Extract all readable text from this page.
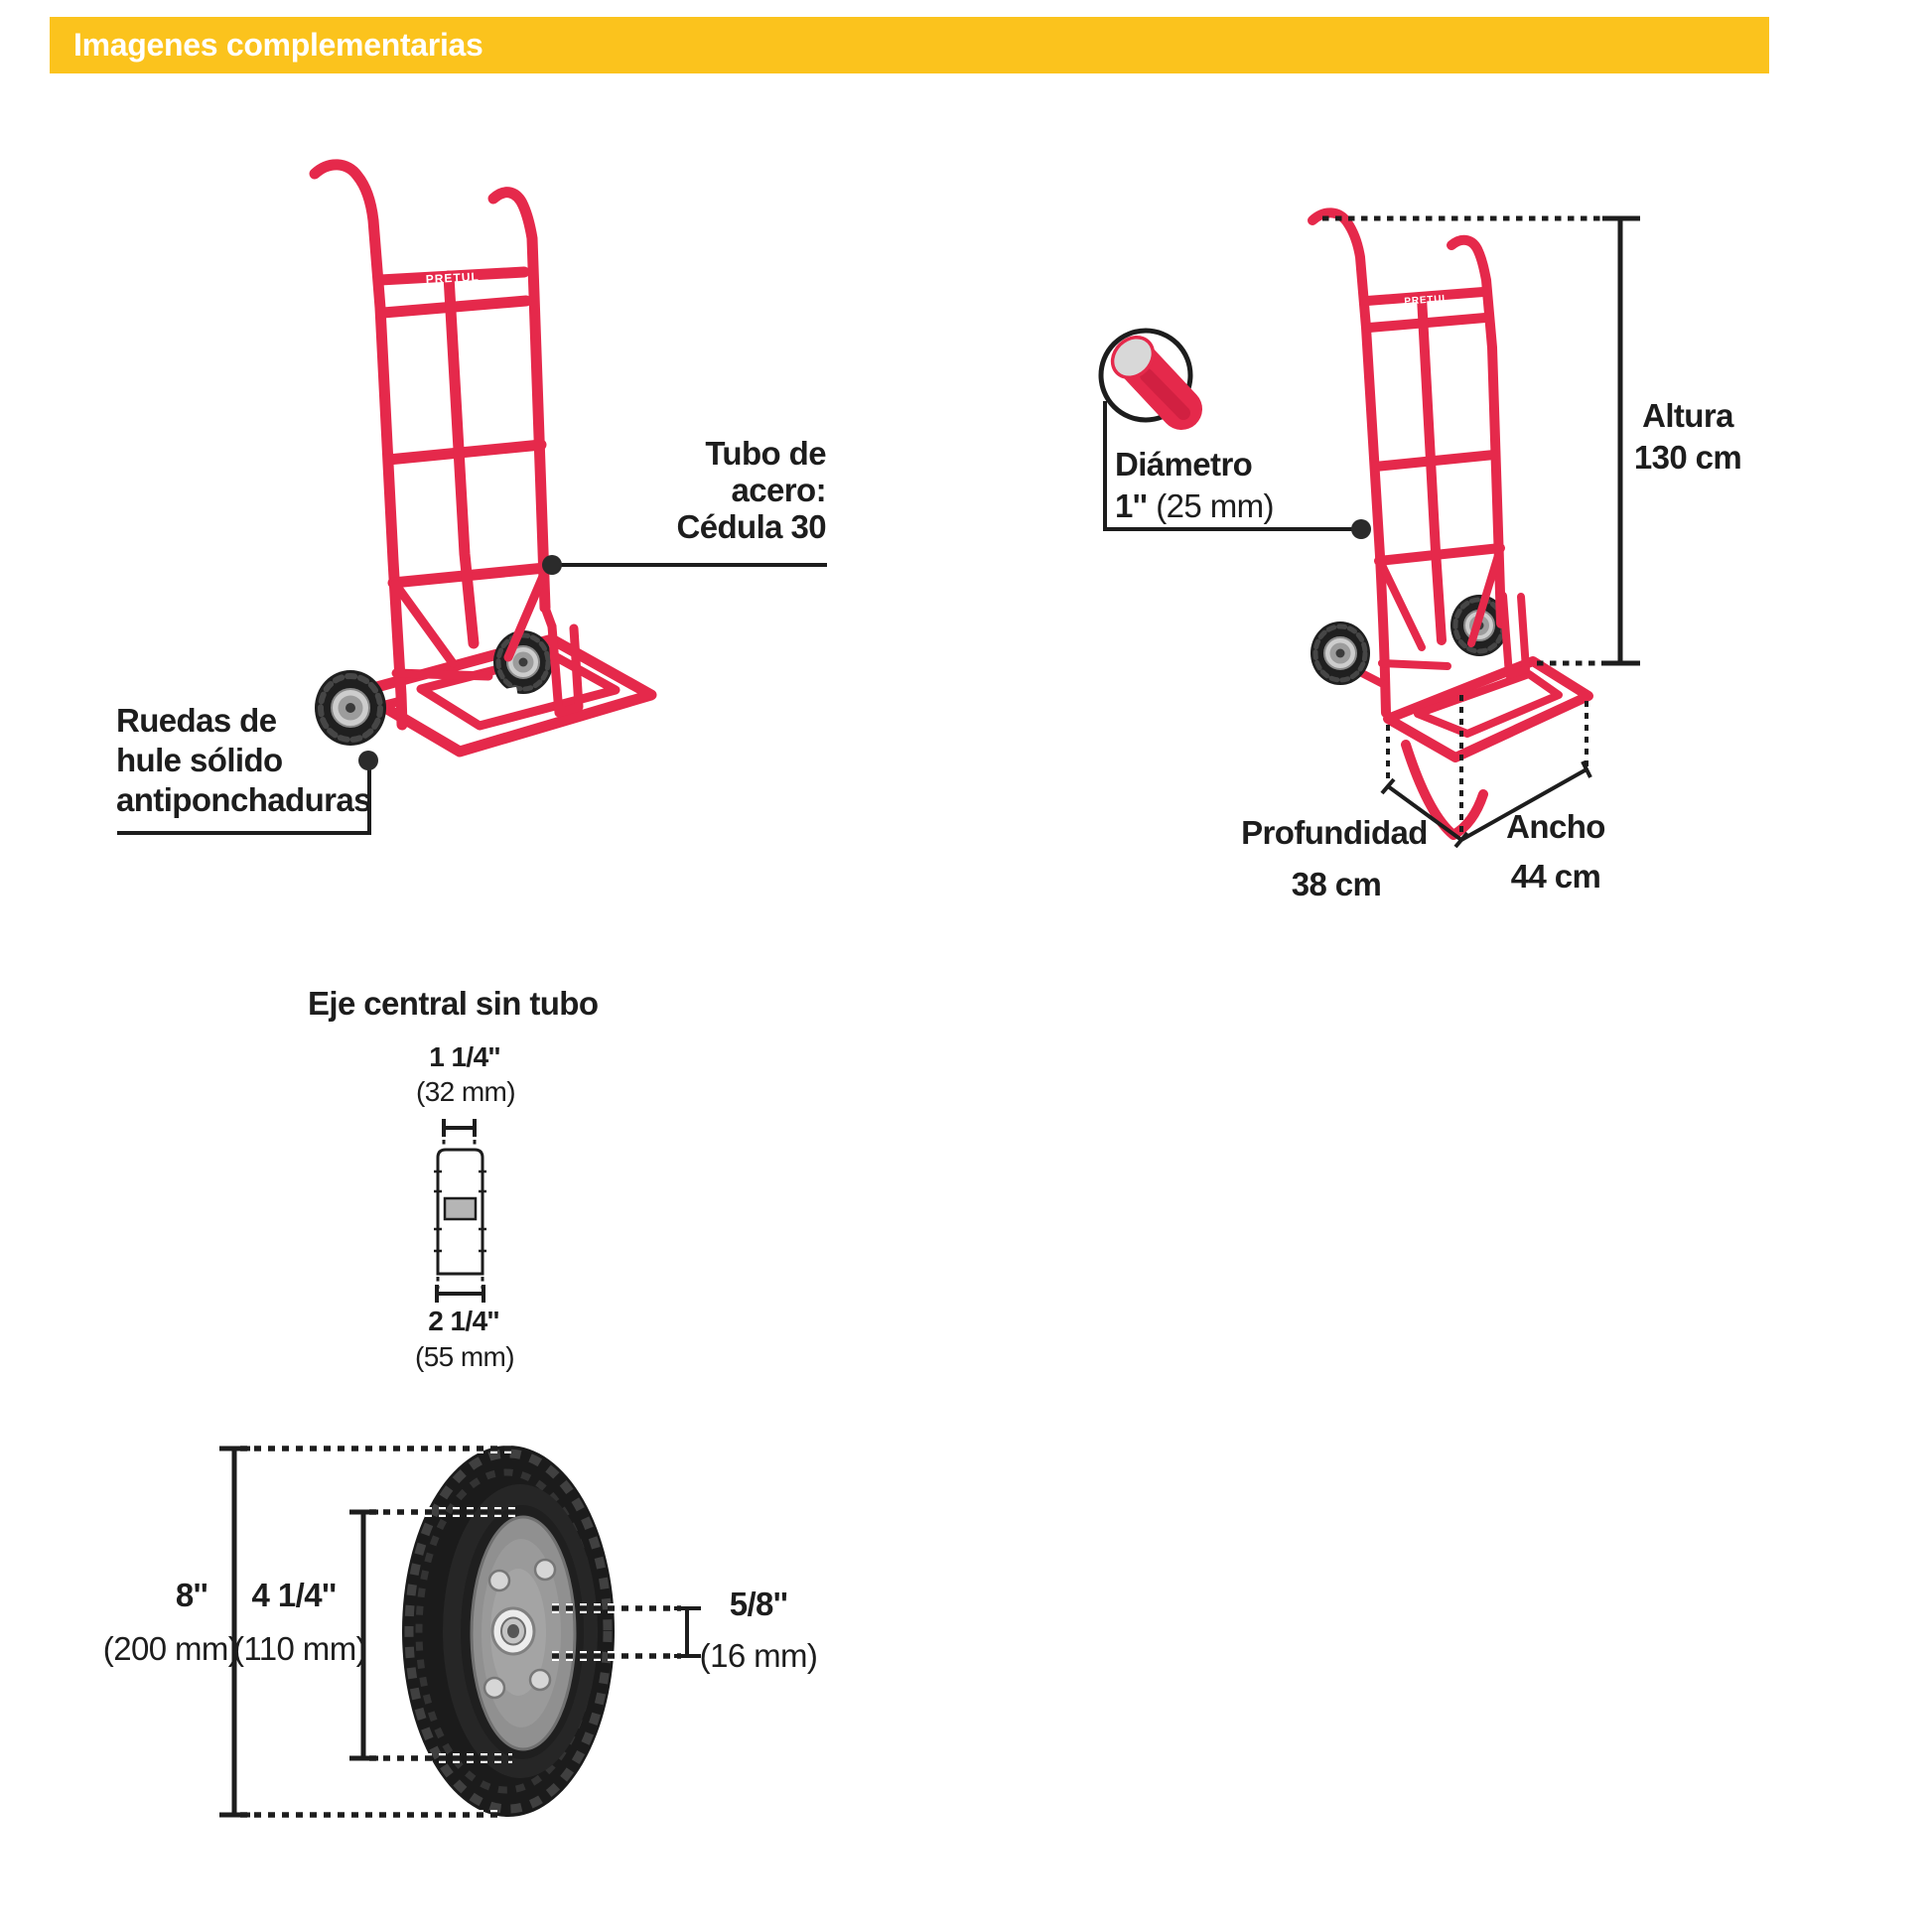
Imagenes complementarias
PRETUL
PRETUL
Tubo de
acero:
Cédula 30
Ruedas de
hule sólido
antiponchaduras
Diámetro
1'' (25 mm)
Altura
130 cm
Profundidad
38 cm
Ancho
44 cm
Eje central sin tubo
1 1/4''
(32 mm)
2 1/4''
(55 mm)
8''
(200 mm)
4 1/4''
(110 mm)
5/8''
(16 mm)
